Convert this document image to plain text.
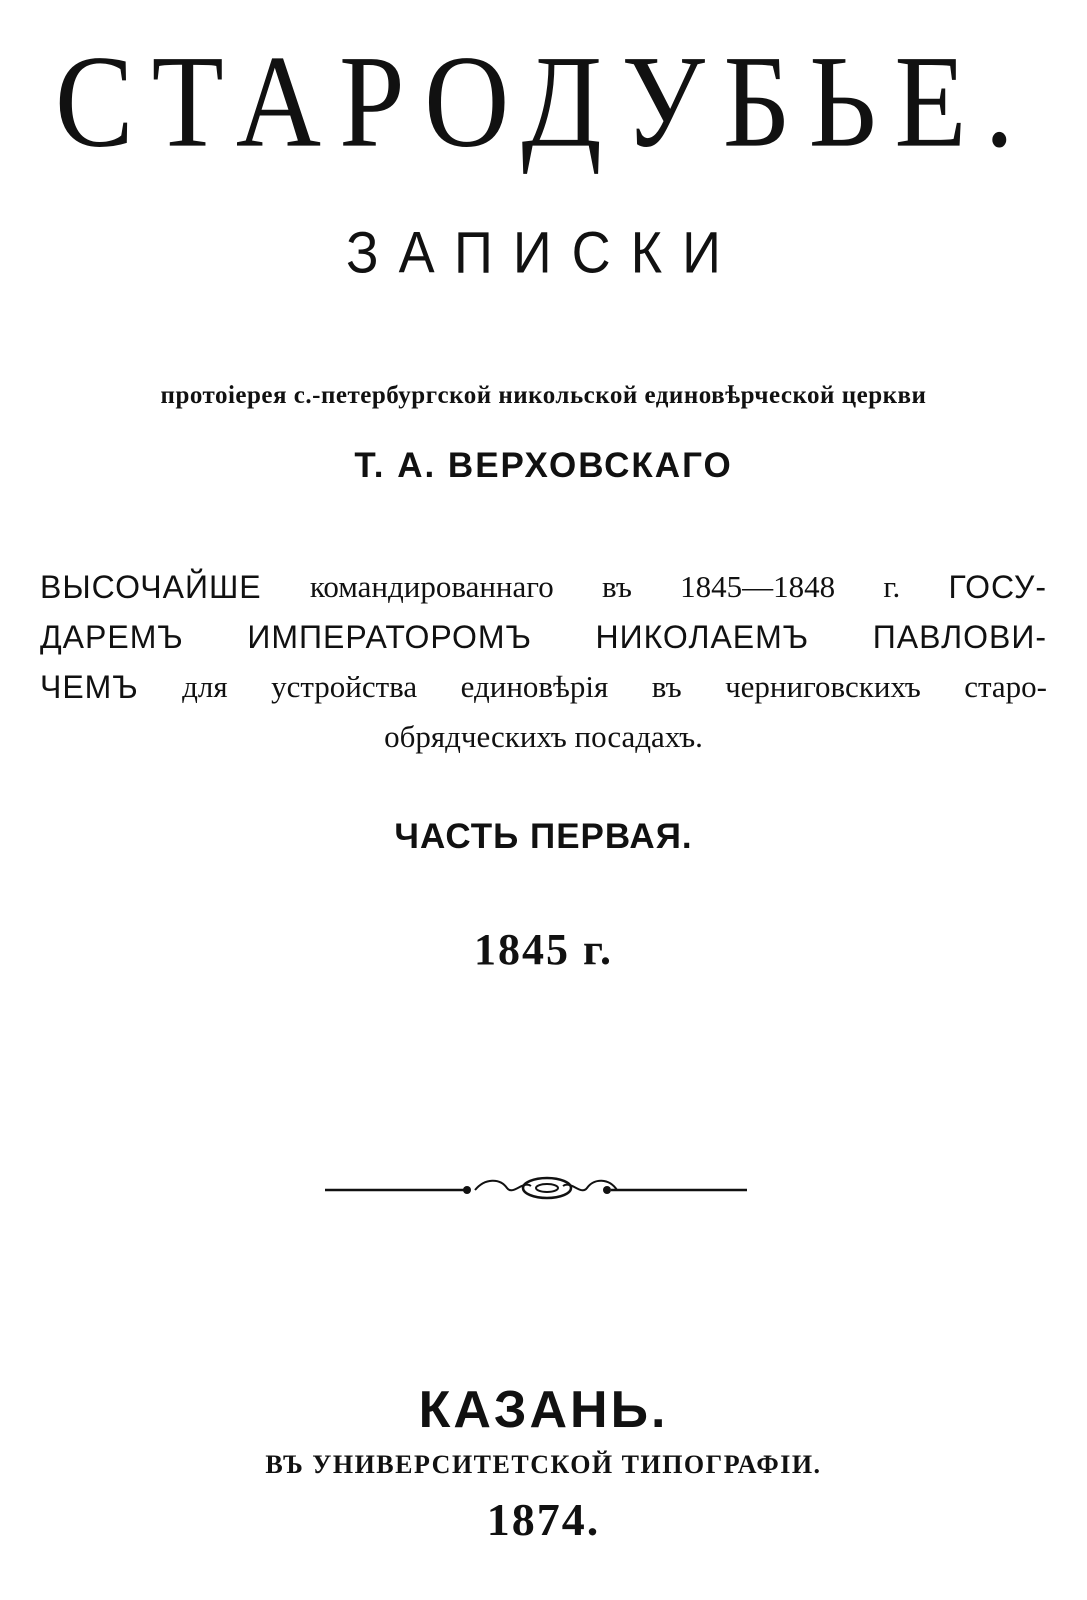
СТАРОДУБЬЕ.
ЗАПИСКИ
протоіерея с.-петербургской никольской единовѣрческой церкви
Т. А. ВЕРХОВСКАГО
ВЫСОЧАЙШЕ командированнаго въ 1845—1848 г. ГОСУ-
ДАРЕМЪ ИМПЕРАТОРОМЪ НИКОЛАЕМЪ ПАВЛОВИ-
ЧЕМЪ для устройства единовѣрія въ черниговскихъ старо-
обрядческихъ посадахъ.
ЧАСТЬ ПЕРВАЯ.
1845 г.
КАЗАНЬ.
ВЪ УНИВЕРСИТЕТСКОЙ ТИПОГРАФІИ.
1874.
